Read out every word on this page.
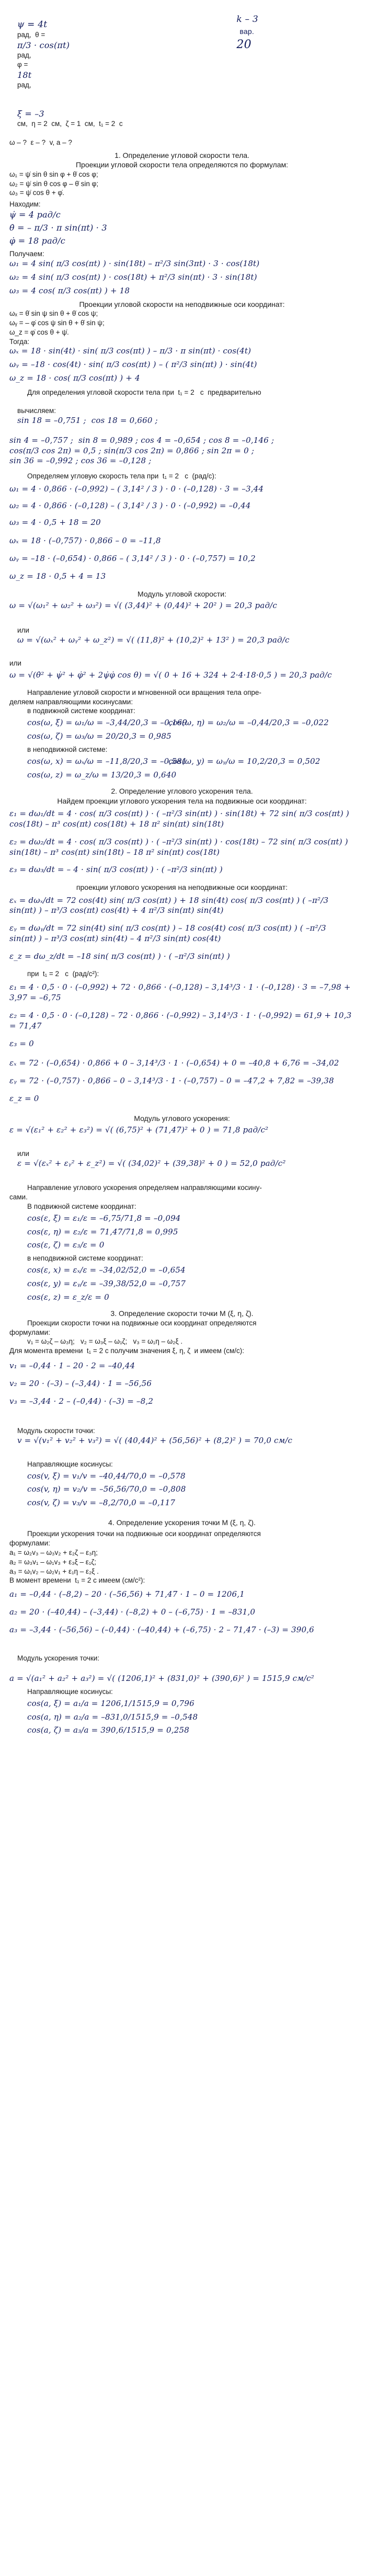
k – 3
вар.
20

ψ = 4t
рад,  θ =
π/3 · cos(πt)
рад,
φ =
18t
рад,

ξ = –3
см,  η = 2  см,  ζ = 1  см,  t₁ = 2  с

ω – ?  ε – ?  v, a – ?
1. Определение угловой скорости тела.
Проекции угловой скорости тела определяются по формулам:
ω₁ = ψ̇ sin θ sin φ + θ̇ cos φ;
ω₂ = ψ̇ sin θ cos φ – θ̇ sin φ;
ω₃ = ψ̇ cos θ + φ̇.
Находим:
ψ̇ = 4 рад/с
θ̇ = – π/3 · π sin(πt) · 3
φ̇ = 18 рад/с
Получаем:
ω₁ = 4 sin( π/3 cos(πt) ) · sin(18t) – π²/3 sin(3πt) · 3 · cos(18t)
ω₂ = 4 sin( π/3 cos(πt) ) · cos(18t) + π²/3 sin(πt) · 3 · sin(18t)
ω₃ = 4 cos( π/3 cos(πt) ) + 18
Проекции угловой скорости на неподвижные оси координат:
ωₓ = θ̇ sin ψ sin θ + θ̇ cos ψ;
ωᵧ = – φ̇ cos ψ sin θ + θ̇ sin ψ;
ω_z = φ̇ cos θ + ψ̇.
Тогда:
ωₓ = 18 · sin(4t) · sin( π/3 cos(πt) ) – π/3 · π sin(πt) · cos(4t)
ωᵧ = –18 · cos(4t) · sin( π/3 cos(πt) ) – ( π²/3 sin(πt) ) · sin(4t)
ω_z = 18 · cos( π/3 cos(πt) ) + 4
Для определения угловой скорости тела при  t₁ = 2   с  предварительно

вычисляем:
sin 18 = –0,751 ;  cos 18 = 0,660 ;

sin 4 = –0,757 ;  sin 8 = 0,989 ; cos 4 = –0,654 ; cos 8 = –0,146 ;
cos(π/3 cos 2π) = 0,5 ; sin(π/3 cos 2π) = 0,866 ; sin 2π = 0 ;
sin 36 = –0,992 ; cos 36 = –0,128 ;
Определяем угловую скорость тела при  t₁ = 2   с  (рад/с):
ω₁ = 4 · 0,866 · (–0,992) – ( 3,14² / 3 ) · 0 · (–0,128) · 3 = –3,44
ω₂ = 4 · 0,866 · (–0,128) – ( 3,14² / 3 ) · 0 · (–0,992) = –0,44
ω₃ = 4 · 0,5 + 18 = 20
ωₓ = 18 · (–0,757) · 0,866 – 0 = –11,8
ωᵧ = –18 · (–0,654) · 0,866 – ( 3,14² / 3 ) · 0 · (–0,757) = 10,2
ω_z = 18 · 0,5 + 4 = 13
Модуль угловой скорости:
ω = √(ω₁² + ω₂² + ω₃²) = √( (3,44)² + (0,44)² + 20² ) = 20,3 рад/с

или
ω = √(ωₓ² + ωᵧ² + ω_z²) = √( (11,8)² + (10,2)² + 13² ) = 20,3 рад/с

или
ω = √(θ̇² + ψ̇² + φ̇² + 2ψ̇φ̇ cos θ) = √( 0 + 16 + 324 + 2·4·18·0,5 ) = 20,3 рад/с
Направление угловой скорости и мгновенной оси вращения тела опре-
деляем направляющими косинусами:
в подвижной системе координат:
cos(ω, ξ) = ω₁/ω = –3,44/20,3 = –0,169
cos(ω, η) = ω₂/ω = –0,44/20,3 = –0,022
cos(ω, ζ) = ω₃/ω = 20/20,3 = 0,985
в неподвижной системе:
cos(ω, x) = ωₓ/ω = –11,8/20,3 = –0,581
cos(ω, y) = ωᵧ/ω = 10,2/20,3 = 0,502
cos(ω, z) = ω_z/ω = 13/20,3 = 0,640
2. Определение углового ускорения тела.
Найдем проекции углового ускорения тела на подвижные оси координат:
ε₁ = dω₁/dt = 4 · cos( π/3 cos(πt) ) · ( –π²/3 sin(πt) ) · sin(18t) + 72 sin( π/3 cos(πt) ) cos(18t) – π³ cos(πt) cos(18t) + 18 π² sin(πt) sin(18t)
ε₂ = dω₂/dt = 4 · cos( π/3 cos(πt) ) · ( –π²/3 sin(πt) ) · cos(18t) – 72 sin( π/3 cos(πt) ) sin(18t) – π³ cos(πt) sin(18t) – 18 π² sin(πt) cos(18t)
ε₃ = dω₃/dt = – 4 · sin( π/3 cos(πt) ) · ( –π²/3 sin(πt) )
проекции углового ускорения на неподвижные оси координат:
εₓ = dωₓ/dt = 72 cos(4t) sin( π/3 cos(πt) ) + 18 sin(4t) cos( π/3 cos(πt) ) ( –π²/3 sin(πt) ) – π³/3 cos(πt) cos(4t) + 4 π²/3 sin(πt) sin(4t)
εᵧ = dωᵧ/dt = 72 sin(4t) sin( π/3 cos(πt) ) – 18 cos(4t) cos( π/3 cos(πt) ) ( –π²/3 sin(πt) ) – π³/3 cos(πt) sin(4t) – 4 π²/3 sin(πt) cos(4t)
ε_z = dω_z/dt = –18 sin( π/3 cos(πt) ) · ( –π²/3 sin(πt) )
при  t₁ = 2   с  (рад/с²):
ε₁ = 4 · 0,5 · 0 · (–0,992) + 72 · 0,866 · (–0,128) – 3,14³/3 · 1 · (–0,128) · 3 = –7,98 + 3,97 = –6,75
ε₂ = 4 · 0,5 · 0 · (–0,128) – 72 · 0,866 · (–0,992) – 3,14³/3 · 1 · (–0,992) = 61,9 + 10,3 = 71,47
ε₃ = 0
εₓ = 72 · (–0,654) · 0,866 + 0 – 3,14³/3 · 1 · (–0,654) + 0 = –40,8 + 6,76 = –34,02
εᵧ = 72 · (–0,757) · 0,866 – 0 – 3,14³/3 · 1 · (–0,757) – 0 = –47,2 + 7,82 = –39,38
ε_z = 0
Модуль углового ускорения:
ε = √(ε₁² + ε₂² + ε₃²) = √( (6,75)² + (71,47)² + 0 ) = 71,8 рад/с²

или
ε = √(εₓ² + εᵧ² + ε_z²) = √( (34,02)² + (39,38)² + 0 ) = 52,0 рад/с²

Направление углового ускорения определяем направляющими косину-
сами.
В подвижной системе координат:
cos(ε, ξ) = ε₁/ε = –6,75/71,8 = –0,094
cos(ε, η) = ε₂/ε = 71,47/71,8 = 0,995
cos(ε, ζ) = ε₃/ε = 0
в неподвижной системе координат:
cos(ε, x) = εₓ/ε = –34,02/52,0 = –0,654
cos(ε, y) = εᵧ/ε = –39,38/52,0 = –0,757
cos(ε, z) = ε_z/ε = 0
3. Определение скорости точки M (ξ, η, ζ).
Проекции скорости точки на подвижные оси координат определяются
формулами:
v₁ = ω₂ζ – ω₃η;   v₂ = ω₃ξ – ω₁ζ;   v₃ = ω₁η – ω₂ξ .
Для момента времени  t₁ = 2 с получим значения ξ, η, ζ  и имеем (см/с):
v₁ = –0,44 · 1 – 20 · 2 = –40,44
v₂ = 20 · (–3) – (–3,44) · 1 = –56,56
v₃ = –3,44 · 2 – (–0,44) · (–3) = –8,2

Модуль скорости точки:
v = √(v₁² + v₂² + v₃²) = √( (40,44)² + (56,56)² + (8,2)² ) = 70,0 см/с

Направляющие косинусы:
cos(v, ξ) = v₁/v = –40,44/70,0 = –0,578
cos(v, η) = v₂/v = –56,56/70,0 = –0,808
cos(v, ζ) = v₃/v = –8,2/70,0 = –0,117
4. Определение ускорения точки M (ξ, η, ζ).
Проекции ускорения точки на подвижные оси координат определяются
формулами:
a₁ = ω₂v₃ – ω₃v₂ + ε₂ζ – ε₃η;
a₂ = ω₃v₁ – ω₁v₃ + ε₃ξ – ε₁ζ;
a₃ = ω₁v₂ – ω₂v₁ + ε₁η – ε₂ξ .
В момент времени  t₁ = 2 с имеем (см/с²):
a₁ = –0,44 · (–8,2) – 20 · (–56,56) + 71,47 · 1 – 0 = 1206,1
a₂ = 20 · (–40,44) – (–3,44) · (–8,2) + 0 – (–6,75) · 1 = –831,0
a₃ = –3,44 · (–56,56) – (–0,44) · (–40,44) + (–6,75) · 2 – 71,47 · (–3) = 390,6

Модуль ускорения точки:

a = √(a₁² + a₂² + a₃²) = √( (1206,1)² + (831,0)² + (390,6)² ) = 1515,9 см/с²
Направляющие косинусы:
cos(a, ξ) = a₁/a = 1206,1/1515,9 = 0,796
cos(a, η) = a₂/a = –831,0/1515,9 = –0,548
cos(a, ζ) = a₃/a = 390,6/1515,9 = 0,258
